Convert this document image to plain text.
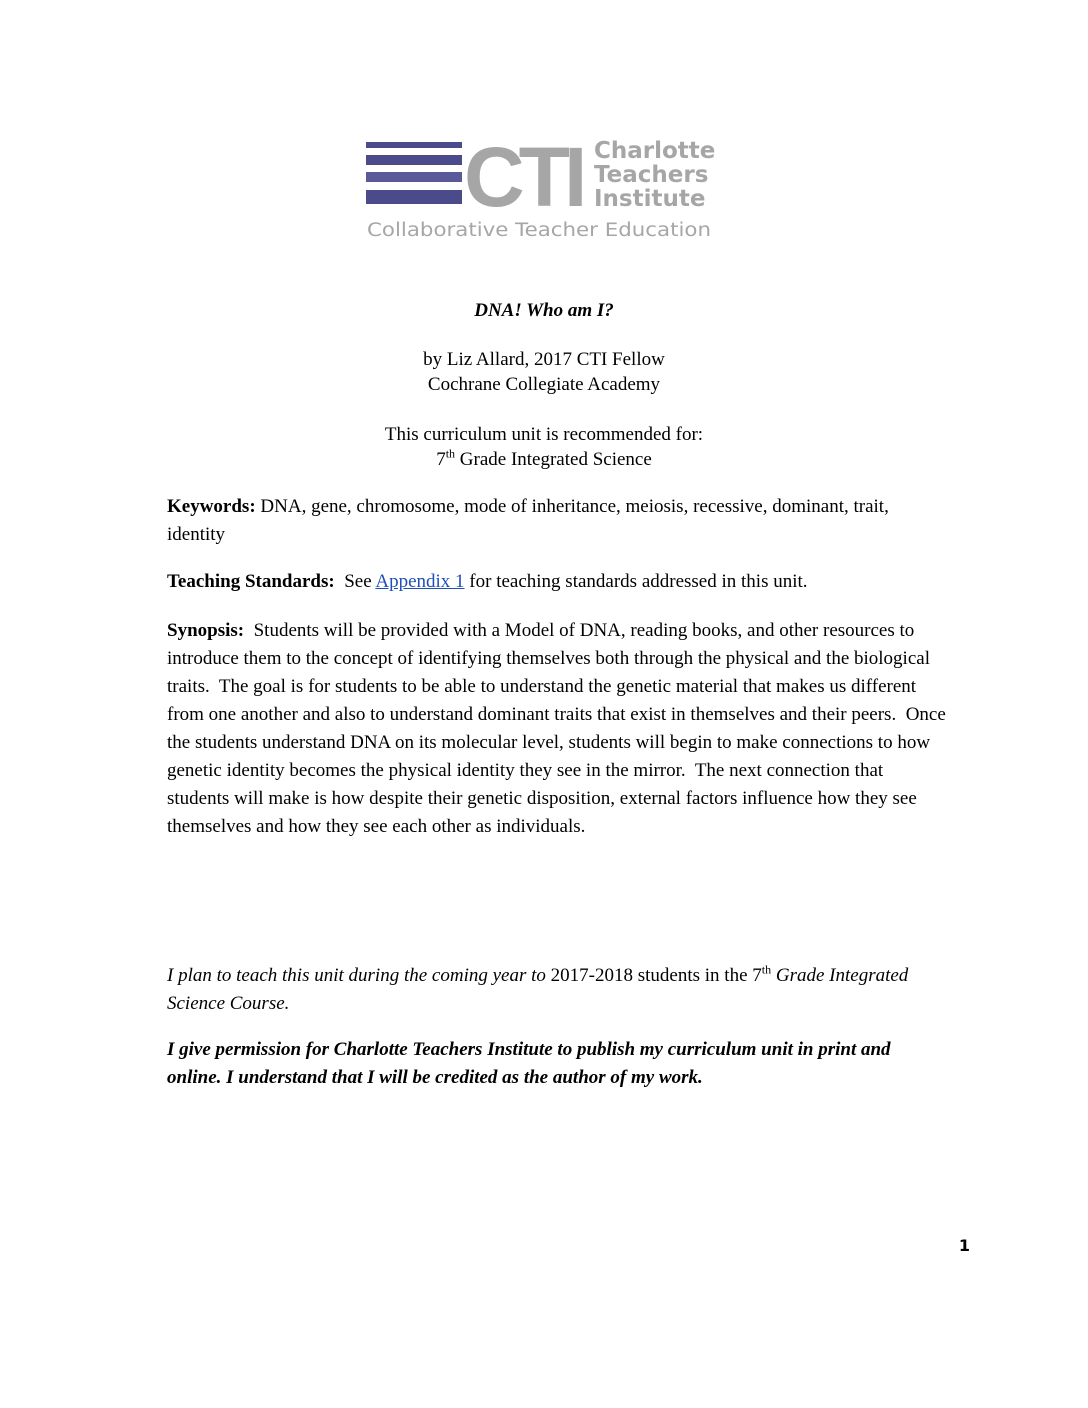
CTI Charlotte
Teachers
Institute
Collaborative Teacher Education
DNA! Who am I?
by Liz Allard, 2017 CTI Fellow
Cochrane Collegiate Academy
This curriculum unit is recommended for:
7th Grade Integrated Science
Keywords: DNA, gene, chromosome, mode of inheritance, meiosis, recessive, dominant, trait, identity
Teaching Standards:  See Appendix 1 for teaching standards addressed in this unit.
Synopsis:  Students will be provided with a Model of DNA, reading books, and other resources to introduce them to the concept of identifying themselves both through the physical and the biological traits.  The goal is for students to be able to understand the genetic material that makes us different from one another and also to understand dominant traits that exist in themselves and their peers.  Once the students understand DNA on its molecular level, students will begin to make connections to how genetic identity becomes the physical identity they see in the mirror.  The next connection that students will make is how despite their genetic disposition, external factors influence how they see themselves and how they see each other as individuals.
I plan to teach this unit during the coming year to 2017-2018 students in the 7th Grade Integrated Science Course.
I give permission for Charlotte Teachers Institute to publish my curriculum unit in print and online. I understand that I will be credited as the author of my work.
1
